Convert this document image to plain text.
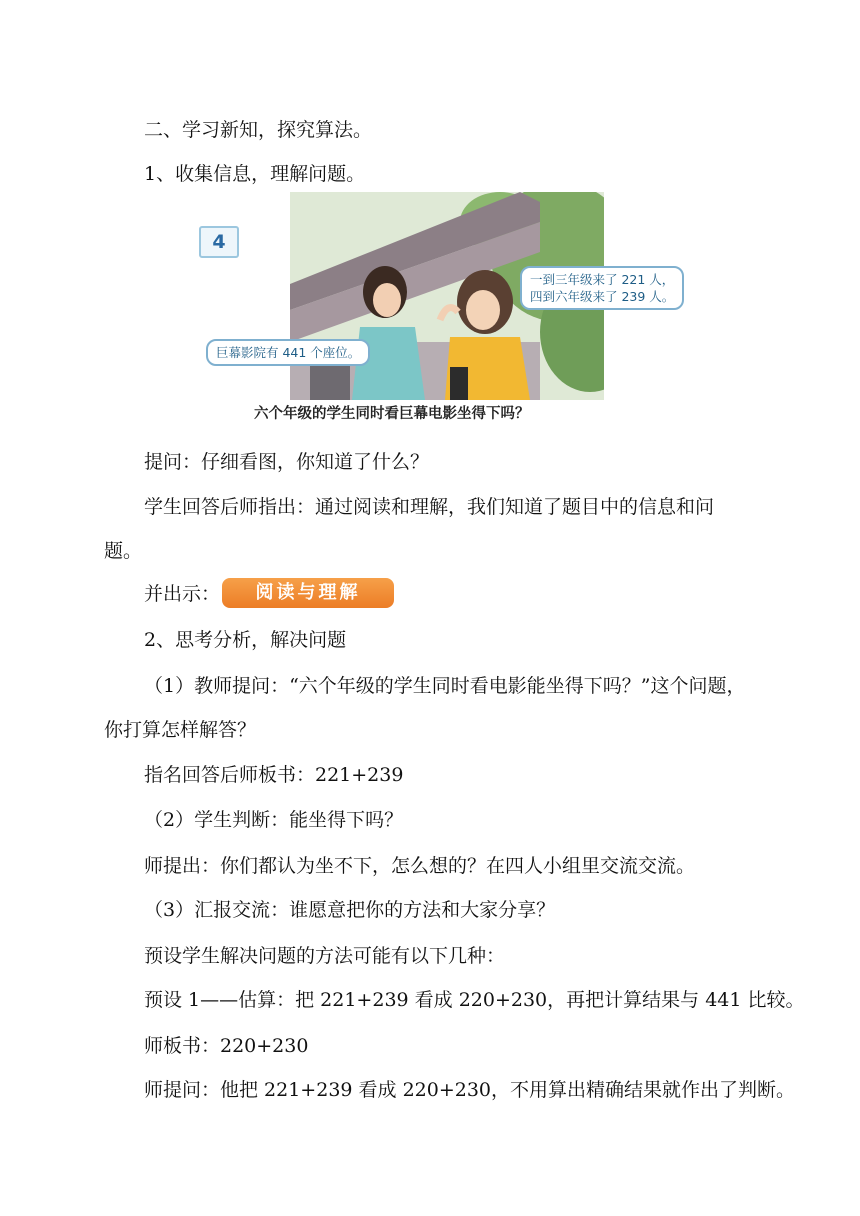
二、学习新知，探究算法。
1、收集信息，理解问题。
4
巨幕影院有 441 个座位。
一到三年级来了 221 人，
四到六年级来了 239 人。
六个年级的学生同时看巨幕电影坐得下吗？
提问：仔细看图，你知道了什么？
学生回答后师指出：通过阅读和理解，我们知道了题目中的信息和问
题。
并出示：	阅读与理解
2、思考分析，解决问题
（1）教师提问：“六个年级的学生同时看电影能坐得下吗？”这个问题，
你打算怎样解答？
指名回答后师板书：221+239
（2）学生判断：能坐得下吗？
师提出：你们都认为坐不下，怎么想的？在四人小组里交流交流。
（3）汇报交流：谁愿意把你的方法和大家分享？
预设学生解决问题的方法可能有以下几种：
预设 1——估算：把 221+239 看成 220+230，再把计算结果与 441 比较。
师板书：220+230
师提问：他把 221+239 看成 220+230，不用算出精确结果就作出了判断。
